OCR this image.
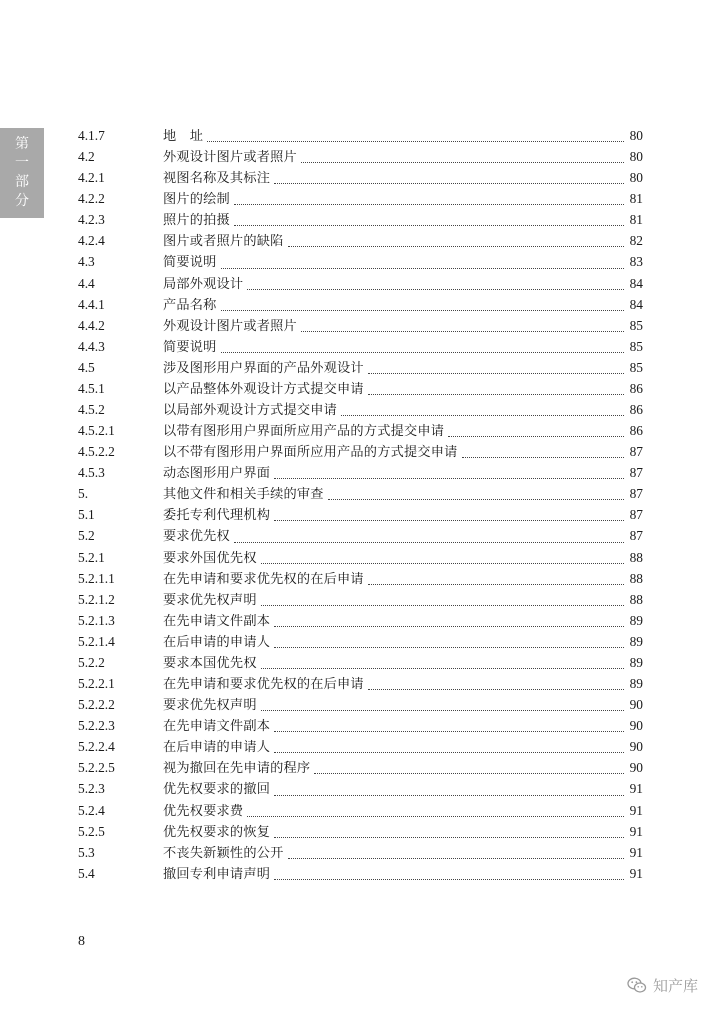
第
一
部
分
4.1.7	地　址	80
4.2	外观设计图片或者照片	80
4.2.1	视图名称及其标注	80
4.2.2	图片的绘制	81
4.2.3	照片的拍摄	81
4.2.4	图片或者照片的缺陷	82
4.3	简要说明	83
4.4	局部外观设计	84
4.4.1	产品名称	84
4.4.2	外观设计图片或者照片	85
4.4.3	简要说明	85
4.5	涉及图形用户界面的产品外观设计	85
4.5.1	以产品整体外观设计方式提交申请	86
4.5.2	以局部外观设计方式提交申请	86
4.5.2.1	以带有图形用户界面所应用产品的方式提交申请	86
4.5.2.2	以不带有图形用户界面所应用产品的方式提交申请	87
4.5.3	动态图形用户界面	87
5.	其他文件和相关手续的审查	87
5.1	委托专利代理机构	87
5.2	要求优先权	87
5.2.1	要求外国优先权	88
5.2.1.1	在先申请和要求优先权的在后申请	88
5.2.1.2	要求优先权声明	88
5.2.1.3	在先申请文件副本	89
5.2.1.4	在后申请的申请人	89
5.2.2	要求本国优先权	89
5.2.2.1	在先申请和要求优先权的在后申请	89
5.2.2.2	要求优先权声明	90
5.2.2.3	在先申请文件副本	90
5.2.2.4	在后申请的申请人	90
5.2.2.5	视为撤回在先申请的程序	90
5.2.3	优先权要求的撤回	91
5.2.4	优先权要求费	91
5.2.5	优先权要求的恢复	91
5.3	不丧失新颖性的公开	91
5.4	撤回专利申请声明	91
8
知产库
